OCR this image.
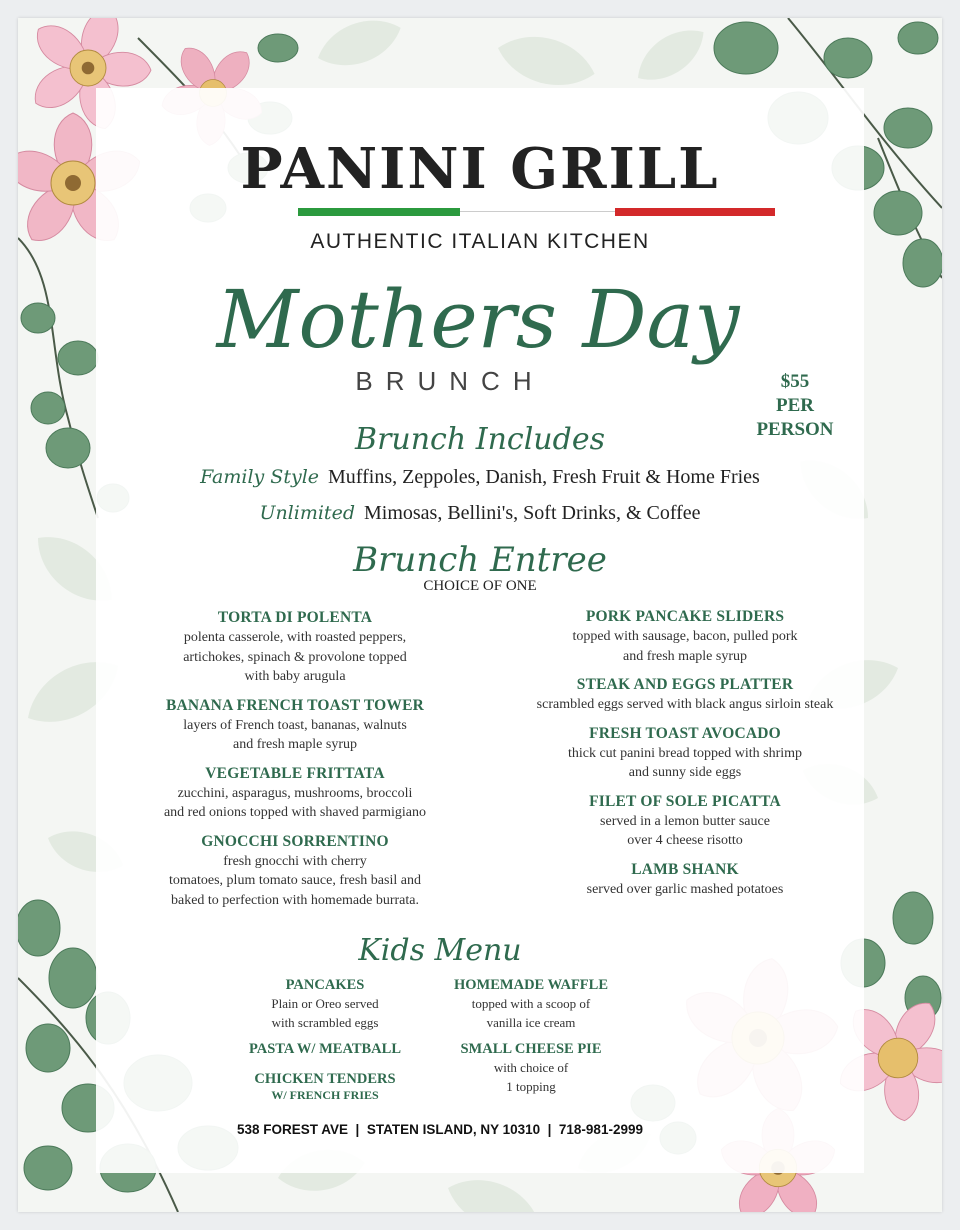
PANINI GRILL
AUTHENTIC ITALIAN KITCHEN
Mothers Day
BRUNCH	$55
PER
PERSON
Brunch Includes
Family Style Muffins, Zeppoles, Danish, Fresh Fruit & Home Fries
Unlimited Mimosas, Bellini's, Soft Drinks, & Coffee
Brunch Entree
CHOICE OF ONE
TORTA DI POLENTA
polenta casserole, with roasted peppers,
artichokes, spinach & provolone topped
with baby arugula
BANANA FRENCH TOAST TOWER
layers of French toast, bananas, walnuts
and fresh maple syrup
VEGETABLE FRITTATA
zucchini, asparagus, mushrooms, broccoli
and red onions topped with shaved parmigiano
GNOCCHI SORRENTINO
fresh gnocchi with cherry
tomatoes, plum tomato sauce, fresh basil and
baked to perfection with homemade burrata.
PORK PANCAKE SLIDERS
topped with sausage, bacon, pulled pork
and fresh maple syrup
STEAK AND EGGS PLATTER
scrambled eggs served with black angus sirloin steak
FRESH TOAST AVOCADO
thick cut panini bread topped with shrimp
and sunny side eggs
FILET OF SOLE PICATTA
served in a lemon butter sauce
over 4 cheese risotto
LAMB SHANK
served over garlic mashed potatoes
Kids Menu
PANCAKES
Plain or Oreo served
with scrambled eggs
PASTA W/ MEATBALL
CHICKEN TENDERS
W/ FRENCH FRIES
HOMEMADE WAFFLE
topped with a scoop of
vanilla ice cream
SMALL CHEESE PIE
with choice of
1 topping
538 FOREST AVE  |  STATEN ISLAND, NY 10310  |  718-981-2999
